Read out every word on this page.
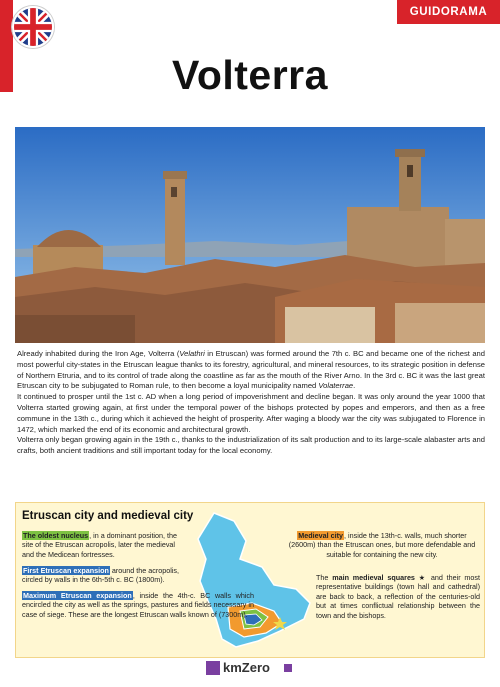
GUIDORAMA
Volterra

Already inhabited during the Iron Age, Volterra (Velathri in Etruscan) was formed around the 7th c. BC and became one of the richest and most powerful city-states in the Etruscan league thanks to its forestry, agricultural, and mineral resources, to its strategic position in defense of Northern Etruria, and to its control of trade along the coastline as far as the mouth of the River Arno. In the 3rd c. BC it was the last great Etruscan city to be subjugated to Roman rule, to then become a loyal municipality named Volaterrae.

It continued to prosper until the 1st c. AD when a long period of impoverishment and decline began. It was only around the year 1000 that Volterra started growing again, at first under the temporal power of the bishops protected by popes and emperors, and then as a free commune in the 13th c., during which it achieved the height of prosperity. After waging a bloody war the city was subjugated to Florence in 1472, which marked the end of its economic and architectural growth.

Volterra only began growing again in the 19th c., thanks to the industrialization of its salt production and to its large-scale alabaster arts and crafts, both ancient traditions and still important today for the local economy.

Etruscan city and medieval city
The oldest nucleus, in a dominant position, the site of the Etruscan acropolis, later the medieval and the Medicean fortresses.
First Etruscan expansion around the acropolis, circled by walls in the 6th-5th c. BC (1800m).
Maximum Etruscan expansion, inside the 4th-c. BC walls which encircled the city as well as the springs, pastures and fields necessary in case of siege. These are the longest Etruscan walls known of (7300m).
Medieval city, inside the 13th-c. walls, much shorter (2600m) than the Etruscan ones, but more defendable and suitable for containing the new city.
The main medieval squares ★ and their most representative buildings (town hall and cathedral) are back to back, a reflection of the centuries-old but at times conflictual relationship between the town and the bishops.
kmZero
